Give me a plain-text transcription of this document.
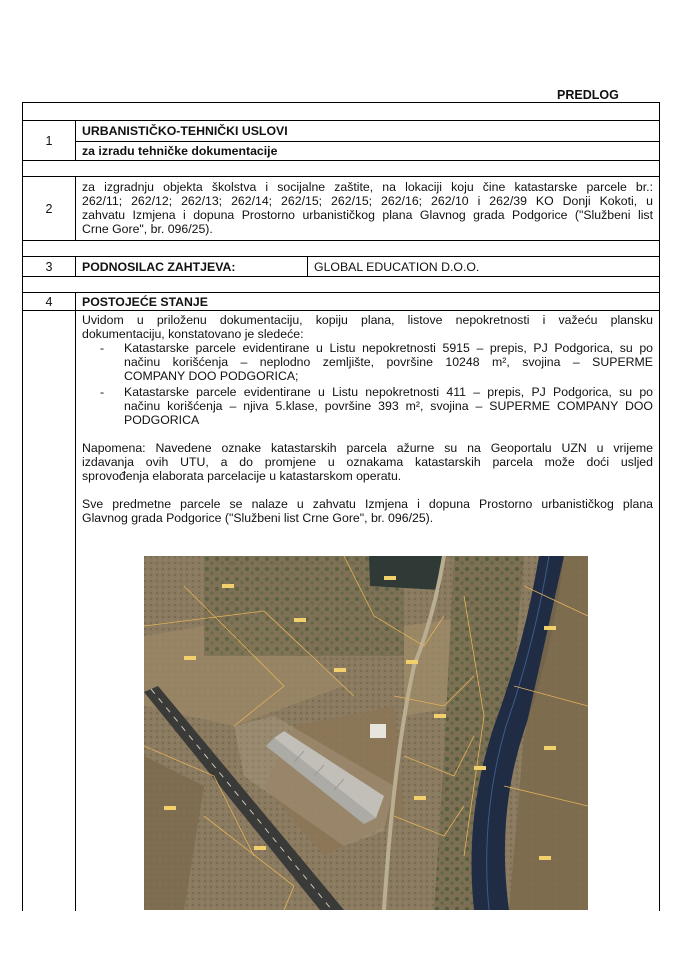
PREDLOG
1
URBANISTIČKO-TEHNIČKI USLOVI
za izradu tehničke dokumentacije
2
za izgradnju objekta školstva i socijalne zaštite, na lokaciji koju čine katastarske parcele br.:
262/11; 262/12; 262/13; 262/14; 262/15; 262/15; 262/16; 262/10 i 262/39 KO Donji Kokoti, u
zahvatu Izmjena i dopuna Prostorno urbanističkog plana Glavnog grada Podgorice ("Službeni list
Crne Gore", br. 096/25).
3	PODNOSILAC ZAHTJEVA:	GLOBAL EDUCATION D.O.O.
4	POSTOJEĆE STANJE
Uvidom u priloženu dokumentaciju, kopiju plana, listove nepokretnosti i važeću plansku
dokumentaciju, konstatovano je sledeće:
-	Katastarske parcele evidentirane u Listu nepokretnosti 5915 – prepis, PJ Podgorica, su po
načinu korišćenja – neplodno zemljište, površine 10248 m², svojina – SUPERME
COMPANY DOO PODGORICA;
-	Katastarske parcele evidentirane u Listu nepokretnosti 411 – prepis, PJ Podgorica, su po
načinu korišćenja – njiva 5.klase, površine 393 m², svojina – SUPERME COMPANY DOO
PODGORICA
Napomena: Navedene oznake katastarskih parcela ažurne su na Geoportalu UZN u vrijeme
izdavanja ovih UTU, a do promjene u oznakama katastarskih parcela može doći usljed
sprovođenja elaborata parcelacije u katastarskom operatu.
Sve predmetne parcele se nalaze u zahvatu Izmjena i dopuna Prostorno urbanističkog plana
Glavnog grada Podgorice ("Službeni list Crne Gore", br. 096/25).
